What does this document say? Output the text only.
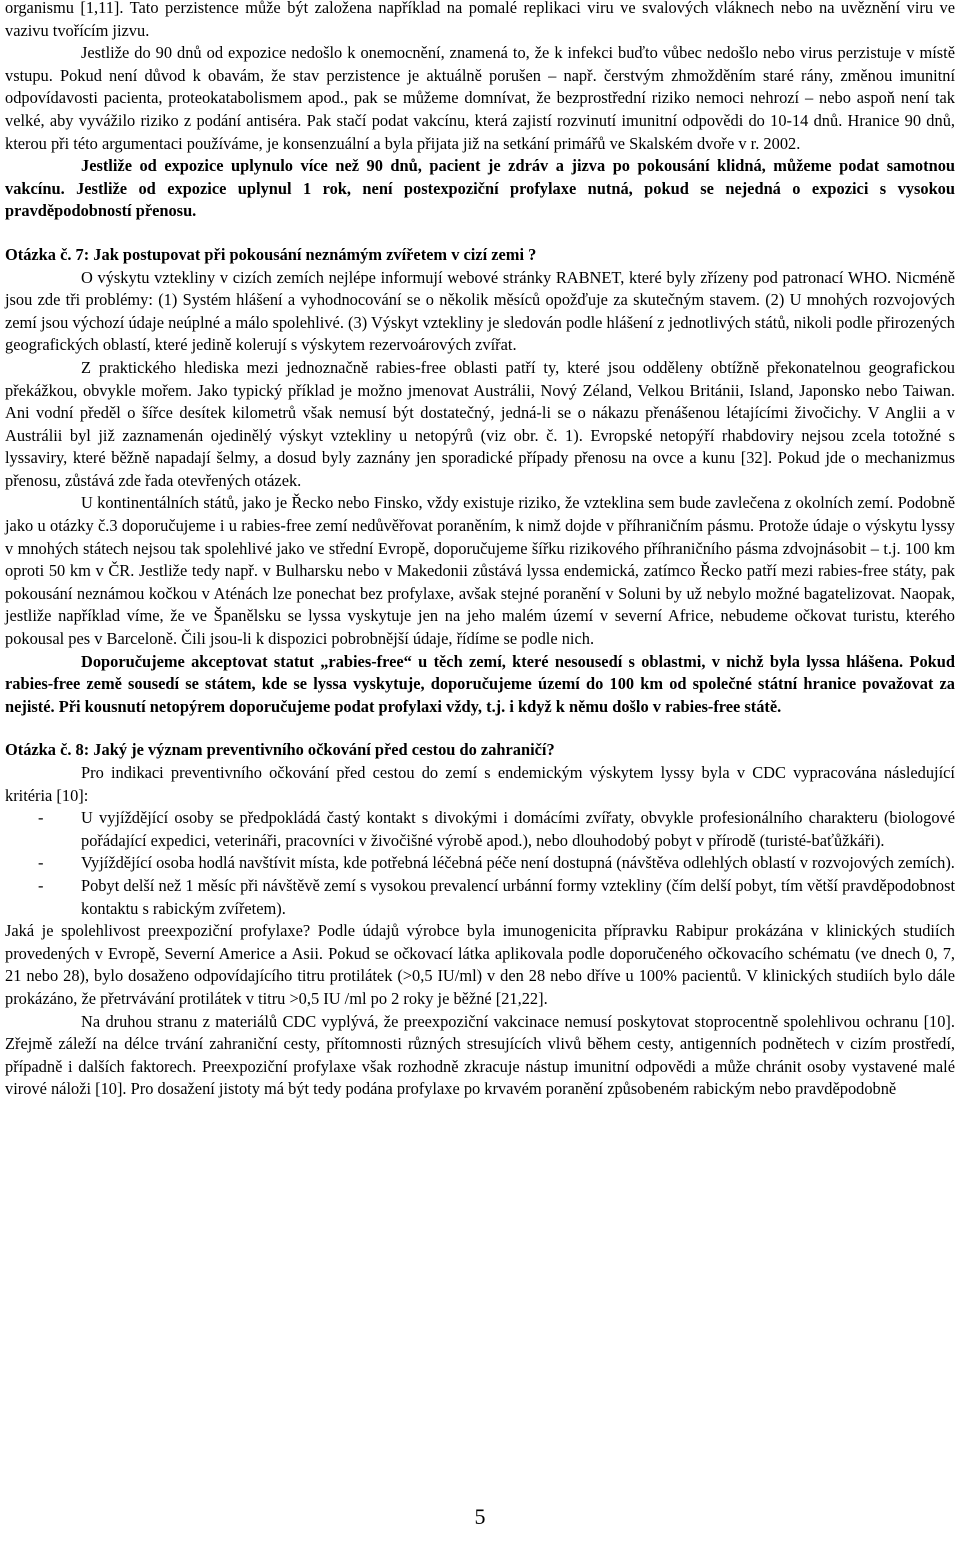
organismu [1,11]. Tato perzistence může být založena například na pomalé replikaci viru ve svalových vláknech nebo na uvěznění viru ve vazivu tvořícím jizvu.

Jestliže do 90 dnů od expozice nedošlo k onemocnění, znamená to, že k infekci buďto vůbec nedošlo nebo virus perzistuje v místě vstupu. Pokud není důvod k obavám, že stav perzistence je aktuálně porušen – např. čerstvým zhmožděním staré rány, změnou imunitní odpovídavosti pacienta, proteokatabolismem apod., pak se můžeme domnívat, že bezprostřední riziko nemoci nehrozí – nebo aspoň není tak velké, aby vyvážilo riziko z podání antiséra. Pak stačí podat vakcínu, která zajistí rozvinutí imunitní odpovědi do 10-14 dnů. Hranice 90 dnů, kterou při této argumentaci používáme, je konsenzuální a byla přijata již na setkání primářů ve Skalském dvoře v r. 2002.

Jestliže od expozice uplynulo více než 90 dnů, pacient je zdráv a jizva po pokousání klidná, můžeme podat samotnou vakcínu. Jestliže od expozice uplynul 1 rok, není postexpoziční profylaxe nutná, pokud se nejedná o expozici s vysokou pravděpodobností přenosu.

Otázka č. 7: Jak postupovat při pokousání neznámým zvířetem v cizí zemi ?

O výskytu vztekliny v cizích zemích nejlépe informují webové stránky RABNET, které byly zřízeny pod patronací WHO. Nicméně jsou zde tři problémy: (1) Systém hlášení a vyhodnocování se o několik měsíců opožďuje za skutečným stavem. (2) U mnohých rozvojových zemí jsou výchozí údaje neúplné a málo spolehlivé. (3) Výskyt vztekliny je sledován podle hlášení z jednotlivých států, nikoli podle přirozených geografických oblastí, které jedině kolerují s výskytem rezervoárových zvířat.

Z praktického hlediska mezi jednoznačně rabies-free oblasti patří ty, které jsou odděleny obtížně překonatelnou geografickou překážkou, obvykle mořem. Jako typický příklad je možno jmenovat Austrálii, Nový Zéland, Velkou Británii, Island, Japonsko nebo Taiwan. Ani vodní předěl o šířce desítek kilometrů však nemusí být dostatečný, jedná-li se o nákazu přenášenou létajícími živočichy. V Anglii a v Austrálii byl již zaznamenán ojedinělý výskyt vztekliny u netopýrů (viz obr. č. 1). Evropské netopýří rhabdoviry nejsou zcela totožné s lyssaviry, které běžně napadají šelmy, a dosud byly zaznány jen sporadické případy přenosu na ovce a kunu [32]. Pokud jde o mechanizmus přenosu, zůstává zde řada otevřených otázek.

U kontinentálních států, jako je Řecko nebo Finsko, vždy existuje riziko, že vzteklina sem bude zavlečena z okolních zemí. Podobně jako u otázky č.3 doporučujeme i u rabies-free zemí nedůvěřovat poraněním, k nimž dojde v příhraničním pásmu. Protože údaje o výskytu lyssy v mnohých státech nejsou tak spolehlivé jako ve střední Evropě, doporučujeme šířku rizikového příhraničního pásma zdvojnásobit – t.j. 100 km oproti 50 km v ČR. Jestliže tedy např. v Bulharsku nebo v Makedonii zůstává lyssa endemická, zatímco Řecko patří mezi rabies-free státy, pak pokousání neznámou kočkou v Aténách lze ponechat bez profylaxe, avšak stejné poranění v Soluni by už nebylo možné bagatelizovat. Naopak, jestliže například víme, že ve Španělsku se lyssa vyskytuje jen na jeho malém území v severní Africe, nebudeme očkovat turistu, kterého pokousal pes v Barceloně. Čili jsou-li k dispozici pobrobnější údaje, řídíme se podle nich.

Doporučujeme akceptovat statut „rabies-free“ u těch zemí, které nesousedí s oblastmi, v nichž byla lyssa hlášena. Pokud rabies-free země sousedí se státem, kde se lyssa vyskytuje, doporučujeme území do 100 km od společné státní hranice považovat za nejisté. Při kousnutí netopýrem doporučujeme podat profylaxi vždy, t.j. i když k němu došlo v rabies-free státě.

Otázka č. 8: Jaký je význam preventivního očkování před cestou do zahraničí?

Pro indikaci preventivního očkování před cestou do zemí s endemickým výskytem lyssy byla v CDC vypracována následující kritéria [10]:

- U vyjíždějící osoby se předpokládá častý kontakt s divokými i domácími zvířaty, obvykle profesionálního charakteru (biologové pořádající expedici, veterináři, pracovníci v živočišné výrobě apod.), nebo dlouhodobý pobyt v přírodě (turisté-baťůžkáři).
- Vyjíždějící osoba hodlá navštívit místa, kde potřebná léčebná péče není dostupná (návštěva odlehlých oblastí v rozvojových zemích).
- Pobyt delší než 1 měsíc při návštěvě zemí s vysokou prevalencí urbánní formy vztekliny (čím delší pobyt, tím větší pravděpodobnost kontaktu s rabickým zvířetem).

Jaká je spolehlivost preexpoziční profylaxe? Podle údajů výrobce byla imunogenicita přípravku Rabipur prokázána v klinických studiích provedených v Evropě, Severní Americe a Asii. Pokud se očkovací látka aplikovala podle doporučeného očkovacího schématu (ve dnech 0, 7, 21 nebo 28), bylo dosaženo odpovídajícího titru protilátek (>0,5 IU/ml) v den 28 nebo dříve u 100% pacientů. V klinických studiích bylo dále prokázáno, že přetrvávání protilátek v titru >0,5 IU /ml po 2 roky je běžné [21,22].

Na druhou stranu z materiálů CDC vyplývá, že preexpoziční vakcinace nemusí poskytovat stoprocentně spolehlivou ochranu [10]. Zřejmě záleží na délce trvání zahraniční cesty, přítomnosti různých stresujících vlivů během cesty, antigenních podnětech v cizím prostředí, případně i dalších faktorech. Preexpoziční profylaxe však rozhodně zkracuje nástup imunitní odpovědi a může chránit osoby vystavené malé virové náloži [10]. Pro dosažení jistoty má být tedy podána profylaxe po krvavém poranění způsobeném rabickým nebo pravděpodobně

5
